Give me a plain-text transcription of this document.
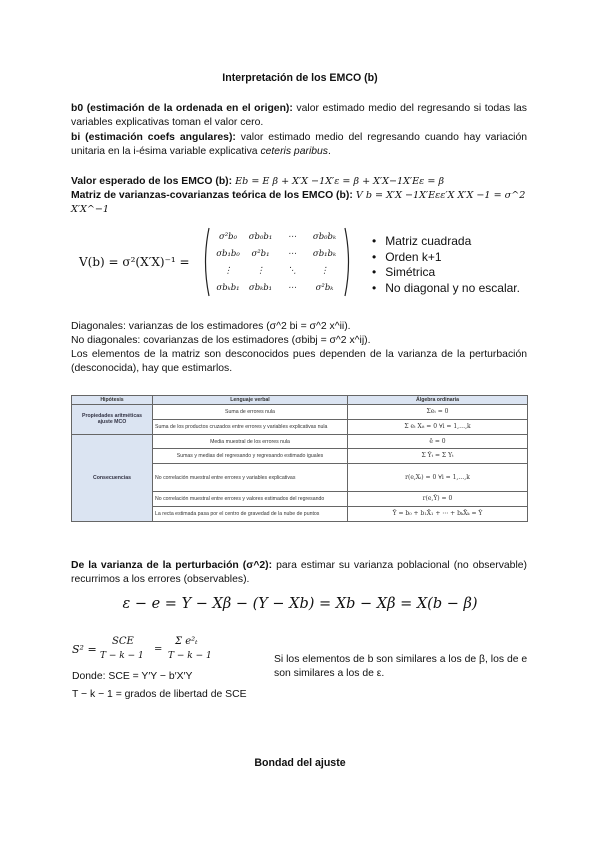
Interpretación de los EMCO (b)
b0 (estimación de la ordenada en el origen): valor estimado medio del regresando si todas las variables explicativas toman el valor cero.
bi (estimación coefs angulares): valor estimado medio del regresando cuando hay variación unitaria en la i-ésima variable explicativa ceteris paribus.
Valor esperado de los EMCO (b): Eb = E β + X′X −1X′ε = β + X′X−1X′Eε = β
Matriz de varianzas-covarianzas teórica de los EMCO (b): V b = X′X −1X′Eεε′X X′X −1 = σ^2 X′X^−1
V(b) = σ²(X′X)⁻¹ =
σ²b₀ σb₀b₁ ⋯ σb₀bₖ
σb₁b₀ σ²b₁ ⋯ σb₁bₖ
⋮	⋮	⋱	⋮
σbₖb₁ σbₖb₁ ⋯ σ²bₖ
• Matriz cuadrada
• Orden k+1
• Simétrica
• No diagonal y no escalar.
Diagonales: varianzas de los estimadores (σ^2 bi = σ^2 x^ii).
No diagonales: covarianzas de los estimadores (σbibj = σ^2 x^ij).
Los elementos de la matriz son desconocidos pues dependen de la varianza de la perturbación (desconocida), hay que estimarlos.
Hipótesis	Lenguaje verbal	Álgebra ordinaria
Propiedades aritméticas ajuste MCO	Suma de errores nula	Σeₜ = 0
	Suma de los productos cruzados entre errores y variables explicativas nula	Σ eₜ Xᵢₜ = 0 ∀i = 1,…,k
Consecuencias	Media muestral de los errores nula	ē = 0
	Sumas y medias del regresando y regresando estimado iguales	Σ Ŷₜ = Σ Yₜ
	No correlación muestral entre errores y variables explicativas	r(e,Xᵢ) = 0 ∀i = 1,…,k
	No correlación muestral entre errores y valores estimados del regresando	r(e,Ŷ) = 0
	La recta estimada pasa por el centro de gravedad de la nube de puntos	Ȳ = b₀ + b₁X̄₁ + ⋯ + bₖX̄ₖ = Ŷ
De la varianza de la perturbación (σ^2): para estimar su varianza poblacional (no observable) recurrimos a los errores (observables).
ε − e = Y − Xβ − (Y − Xb) = Xb − Xβ = X(b − β)
S² =
SCE
T − k − 1
=
Σ e²ₜ
T − k − 1
Donde: SCE = Y′Y − b′X′Y
T − k − 1 = grados de libertad de SCE
Si los elementos de b son similares a los de β, los de e son similares a los de ε.
Bondad del ajuste
